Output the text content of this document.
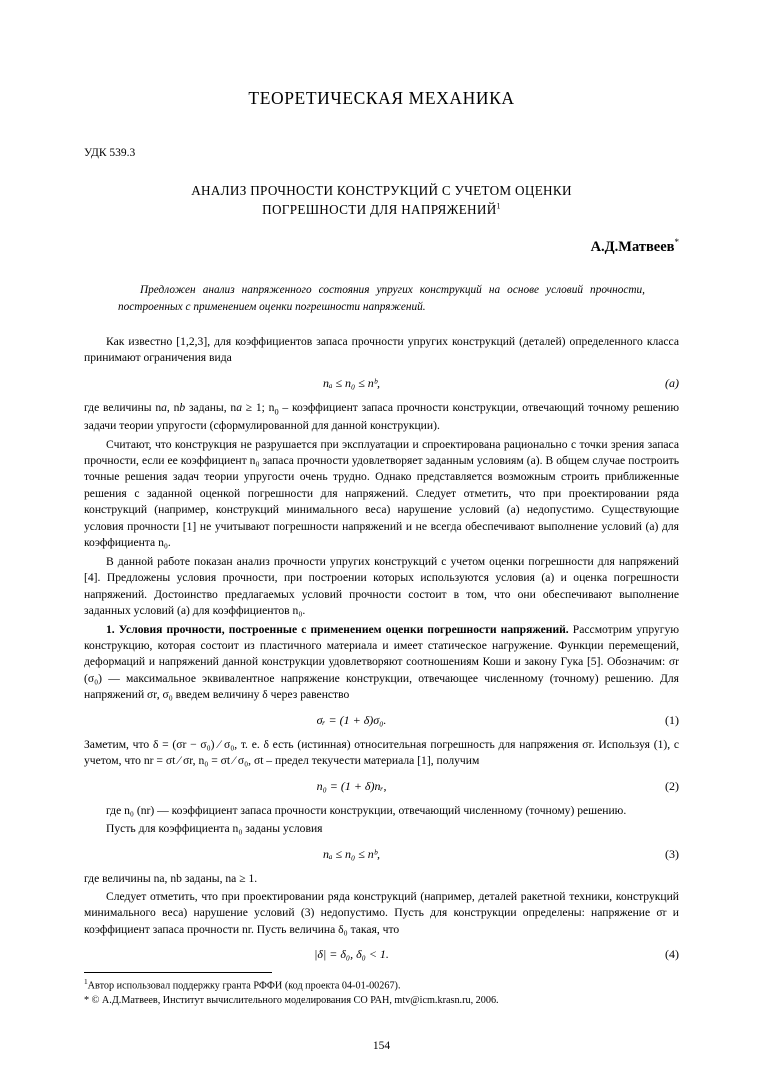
ТЕОРЕТИЧЕСКАЯ МЕХАНИКА
УДК 539.3
АНАЛИЗ ПРОЧНОСТИ КОНСТРУКЦИЙ С УЧЕТОМ ОЦЕНКИ
ПОГРЕШНОСТИ ДЛЯ НАПРЯЖЕНИЙ$^1$
А.Д.Матвеев*
Предложен анализ напряженного состояния упругих конструкций на основе условий прочности, построенных с применением оценки погрешности напряжений.

Как известно [1,2,3], для коэффициентов запаса прочности упругих конструкций (деталей) определенного класса принимают ограничения вида

nₐ ≤ n₀ ≤ nᵇ,	(a)

где величины na, nb заданы, na ≥ 1; $n_0$ – коэффициент запаса прочности конструкции, отвечающий точному решению задачи теории упругости (сформулированной для данной конструкции).

Считают, что конструкция не разрушается при эксплуатации и спроектирована рационально с точки зрения запаса прочности, если ее коэффициент n₀ запаса прочности удовлетворяет заданным условиям (a). В общем случае построить точные решения задач теории упругости очень трудно. Однако представляется возможным строить приближенные решения с заданной оценкой погрешности для напряжений. Следует отметить, что при проектировании ряда конструкций (например, конструкций минимального веса) нарушение условий (a) недопустимо. Существующие условия прочности [1] не учитывают погрешности напряжений и не всегда обеспечивают выполнение условий (a) для коэффициента n₀.

В данной работе показан анализ прочности упругих конструкций с учетом оценки погрешности для напряжений [4]. Предложены условия прочности, при построении которых используются условия (a) и оценка погрешности напряжений. Достоинство предлагаемых условий прочности состоит в том, что они обеспечивают выполнение заданных условий (a) для коэффициентов n₀.

1. Условия прочности, построенные с применением оценки погрешности напряжений. Рассмотрим упругую конструкцию, которая состоит из пластичного материала и имеет статическое нагружение. Функции перемещений, деформаций и напряжений данной конструкции удовлетворяют соотношениям Коши и закону Гука [5]. Обозначим: σr (σ₀) — максимальное эквивалентное напряжение конструкции, отвечающее численному (точному) решению. Для напряжений σr, σ₀ введем величину δ через равенство

σᵣ = (1 + δ)σ₀.	(1)

Заметим, что δ = (σr − σ₀) ∕ σ₀, т. е. δ есть (истинная) относительная погрешность для напряжения σr. Используя (1), с учетом, что nr = σt ∕ σr, n₀ = σt ∕ σ₀, σt – предел текучести материала [1], получим

n₀ = (1 + δ)nᵣ,	(2)

где n₀ (nr) — коэффициент запаса прочности конструкции, отвечающий численному (точному) решению.

Пусть для коэффициента n₀ заданы условия

nₐ ≤ n₀ ≤ nᵇ,	(3)

где величины na, nb заданы, na ≥ 1.

Следует отметить, что при проектировании ряда конструкций (например, деталей ракетной техники, конструкций минимального веса) нарушение условий (3) недопустимо. Пусть для конструкции определены: напряжение σr и коэффициент запаса прочности nr. Пусть величина δ₀ такая, что

|δ| = δ₀, δ₀ < 1.	(4)

$^1$Автор использовал поддержку гранта РФФИ (код проекта 04-01-00267).

* © А.Д.Матвеев, Институт вычислительного моделирования СО РАН, mtv@icm.krasn.ru, 2006.

154
